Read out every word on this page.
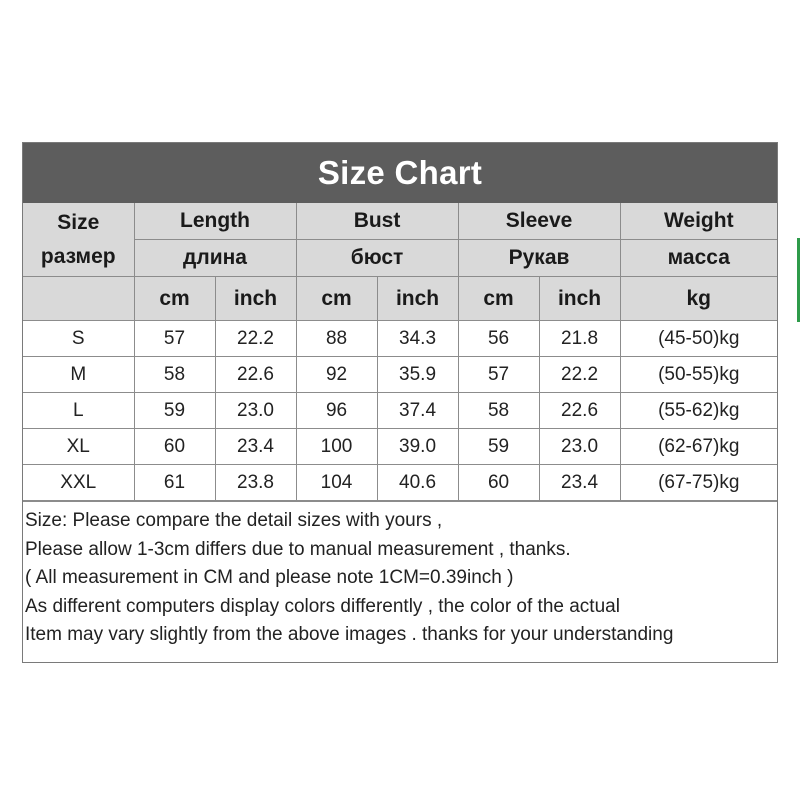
Size Chart
Size
размер	Length		Bust		Sleeve		Weight
	длина		бюст		Рукав		масса
	cm	inch	cm	inch	cm	inch	kg
S	57	22.2	88	34.3	56	21.8	(45-50)kg
M	58	22.6	92	35.9	57	22.2	(50-55)kg
L	59	23.0	96	37.4	58	22.6	(55-62)kg
XL	60	23.4	100	39.0	59	23.0	(62-67)kg
XXL	61	23.8	104	40.6	60	23.4	(67-75)kg
Size: Please compare the detail sizes with yours ,
Please allow 1-3cm differs due to manual measurement , thanks.
( All measurement in CM and please note 1CM=0.39inch )
As different computers display colors differently , the color of the actual
Item may vary slightly from the above images . thanks for your understanding
